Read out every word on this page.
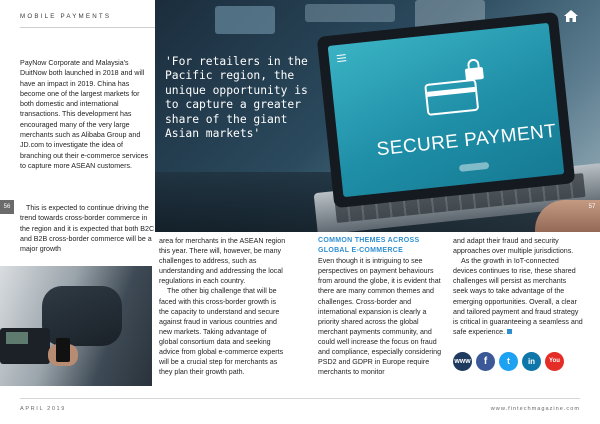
MOBILE PAYMENTS
SECURE PAYMENT
'For retailers in the Pacific region, the unique opportunity is to capture a greater share of the giant Asian markets'
56	57

PayNow Corporate and Malaysia's DuitNow both launched in 2018 and will have an impact in 2019. China has become one of the largest markets for both domestic and international transactions. This development has encouraged many of the very large merchants such as Alibaba Group and JD.com to investigate the idea of branching out their e-commerce services to capture more ASEAN customers.

This is expected to continue driving the trend towards cross-border commerce in the region and it is expected that both B2C and B2B cross-border commerce will be a major growth

area for merchants in the ASEAN region this year. There will, however, be many challenges to address, such as understanding and addressing the local regulations in each country.

The other big challenge that will be faced with this cross-border growth is the capacity to understand and secure against fraud in various countries and new markets. Taking advantage of global consortium data and seeking advice from global e-commerce experts will be a crucial step for merchants as they plan their growth path.

COMMON THEMES ACROSS
GLOBAL E-COMMERCE

Even though it is intriguing to see perspectives on payment behaviours from around the globe, it is evident that there are many common themes and challenges. Cross-border and international expansion is clearly a priority shared across the global merchant payments community, and could well increase the focus on fraud and compliance, especially considering PSD2 and GDPR in Europe require merchants to monitor

and adapt their fraud and security approaches over multiple jurisdictions.

As the growth in IoT-connected devices continues to rise, these shared challenges will persist as merchants seek ways to take advantage of the emerging opportunities. Overall, a clear and tailored payment and fraud strategy is critical in guaranteeing a seamless and safe experience.

www	f	t	in	You
APRIL 2019	www.fintechmagazine.com
